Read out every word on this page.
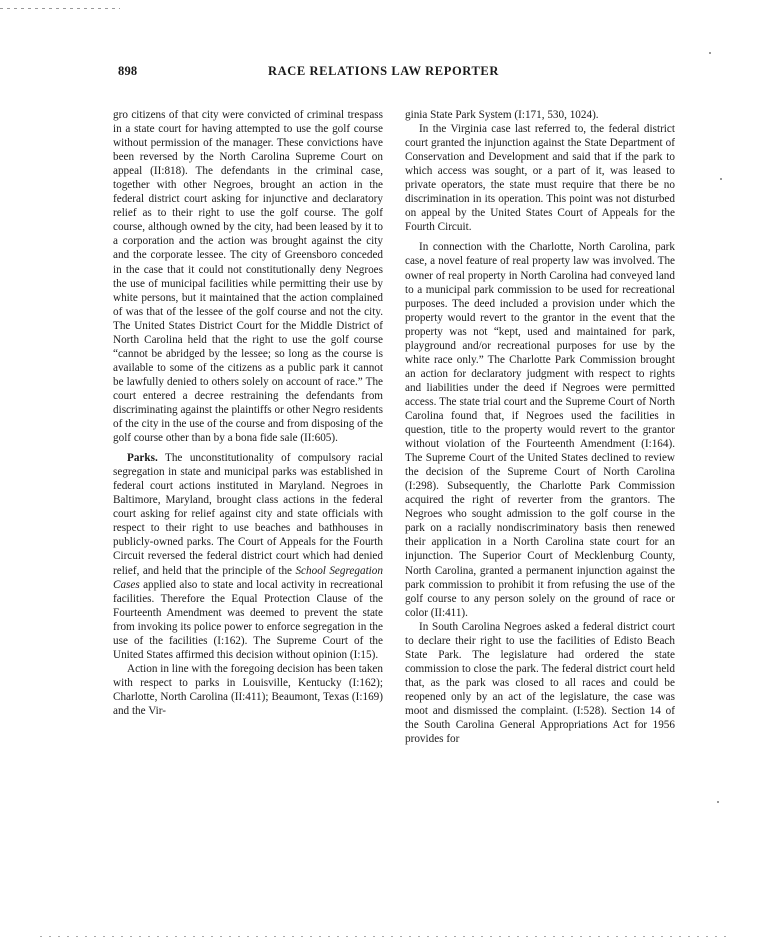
898	RACE RELATIONS LAW REPORTER

gro citizens of that city were convicted of criminal trespass in a state court for having attempted to use the golf course without permission of the manager. These convictions have been reversed by the North Carolina Supreme Court on appeal (II:818). The defendants in the criminal case, together with other Negroes, brought an action in the federal district court asking for injunctive and declaratory relief as to their right to use the golf course. The golf course, although owned by the city, had been leased by it to a corporation and the action was brought against the city and the corporate lessee. The city of Greensboro conceded in the case that it could not constitutionally deny Negroes the use of municipal facilities while permitting their use by white persons, but it maintained that the action complained of was that of the lessee of the golf course and not the city. The United States District Court for the Middle District of North Carolina held that the right to use the golf course “cannot be abridged by the lessee; so long as the course is available to some of the citizens as a public park it cannot be lawfully denied to others solely on account of race.” The court entered a decree restraining the defendants from discriminating against the plaintiffs or other Negro residents of the city in the use of the course and from disposing of the golf course other than by a bona fide sale (II:605).

Parks. The unconstitutionality of compulsory racial segregation in state and municipal parks was established in federal court actions instituted in Maryland. Negroes in Baltimore, Maryland, brought class actions in the federal court asking for relief against city and state officials with respect to their right to use beaches and bathhouses in publicly-owned parks. The Court of Appeals for the Fourth Circuit reversed the federal district court which had denied relief, and held that the principle of the School Segregation Cases applied also to state and local activity in recreational facilities. Therefore the Equal Protection Clause of the Fourteenth Amendment was deemed to prevent the state from invoking its police power to enforce segregation in the use of the facilities (I:162). The Supreme Court of the United States affirmed this decision without opinion (I:15).

Action in line with the foregoing decision has been taken with respect to parks in Louisville, Kentucky (I:162); Charlotte, North Carolina (II:411); Beaumont, Texas (I:169) and the Vir-

ginia State Park System (I:171, 530, 1024).

In the Virginia case last referred to, the federal district court granted the injunction against the State Department of Conservation and Development and said that if the park to which access was sought, or a part of it, was leased to private operators, the state must require that there be no discrimination in its operation. This point was not disturbed on appeal by the United States Court of Appeals for the Fourth Circuit.

In connection with the Charlotte, North Carolina, park case, a novel feature of real property law was involved. The owner of real property in North Carolina had conveyed land to a municipal park commission to be used for recreational purposes. The deed included a provision under which the property would revert to the grantor in the event that the property was not “kept, used and maintained for park, playground and/or recreational purposes for use by the white race only.” The Charlotte Park Commission brought an action for declaratory judgment with respect to rights and liabilities under the deed if Negroes were permitted access. The state trial court and the Supreme Court of North Carolina found that, if Negroes used the facilities in question, title to the property would revert to the grantor without violation of the Fourteenth Amendment (I:164). The Supreme Court of the United States declined to review the decision of the Supreme Court of North Carolina (I:298). Subsequently, the Charlotte Park Commission acquired the right of reverter from the grantors. The Negroes who sought admission to the golf course in the park on a racially nondiscriminatory basis then renewed their application in a North Carolina state court for an injunction. The Superior Court of Mecklenburg County, North Carolina, granted a permanent injunction against the park commission to prohibit it from refusing the use of the golf course to any person solely on the ground of race or color (II:411).

In South Carolina Negroes asked a federal district court to declare their right to use the facilities of Edisto Beach State Park. The legislature had ordered the state commission to close the park. The federal district court held that, as the park was closed to all races and could be reopened only by an act of the legislature, the case was moot and dismissed the complaint. (I:528). Section 14 of the South Carolina General Appropriations Act for 1956 provides for
